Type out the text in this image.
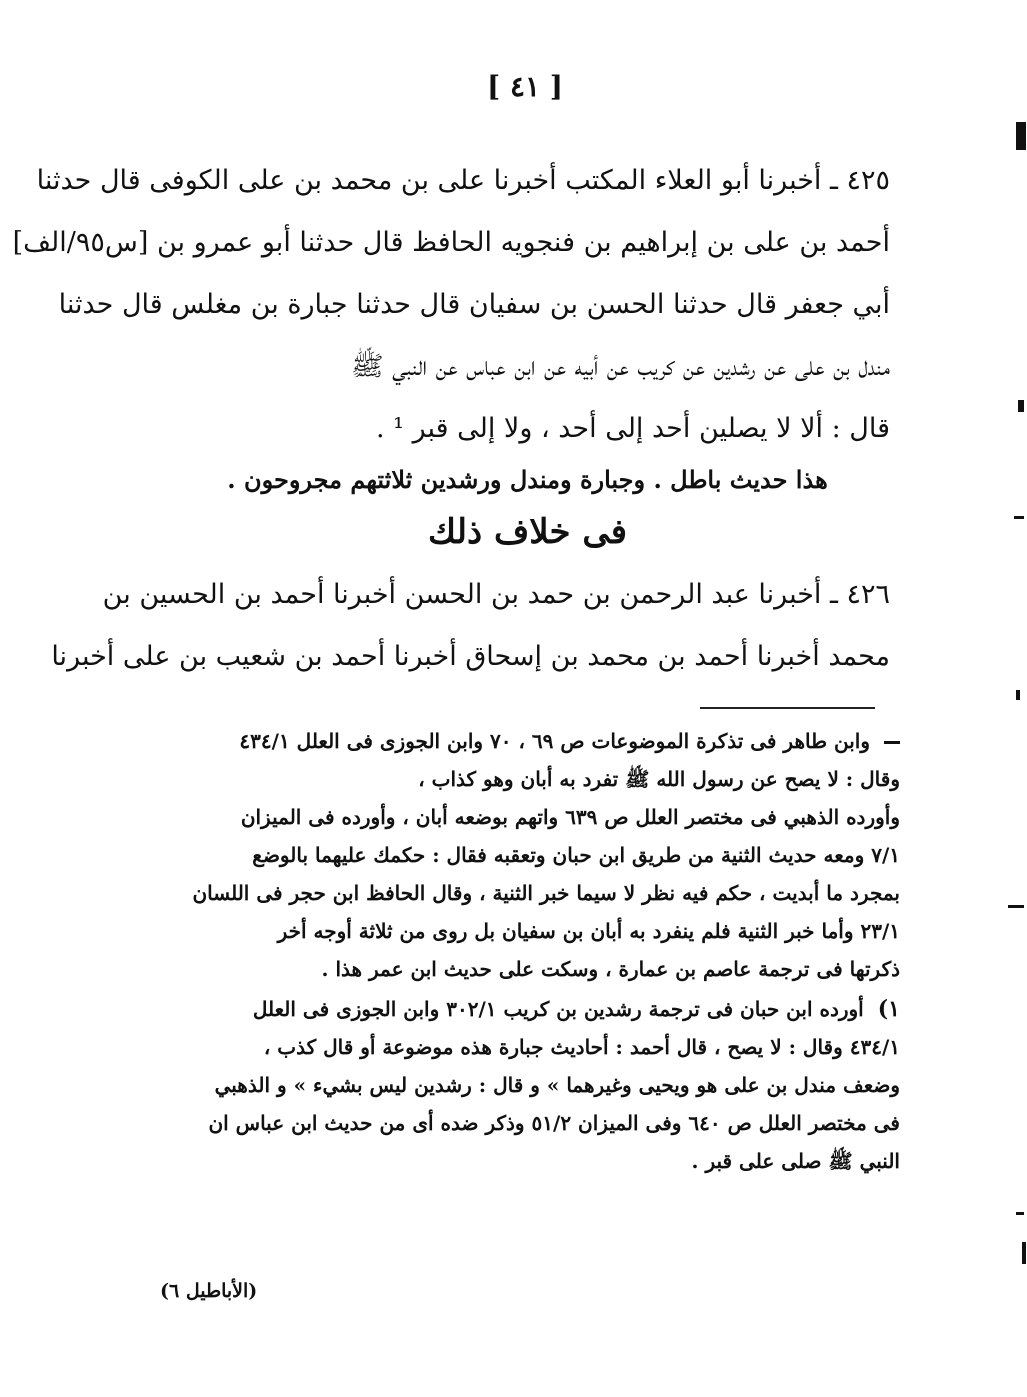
[ ٤١ ]
٤٢٥ ـ أخبرنا أبو العلاء المكتب أخبرنا على بن محمد بن على الكوفى قال حدثنا
أحمد بن على بن إبراهيم بن فنجويه الحافظ قال حدثنا أبو عمرو بن [س٩٥/الف]
أبي جعفر قال حدثنا الحسن بن سفيان قال حدثنا جبارة بن مغلس قال حدثنا
مندل بن على عن رشدين عن كريب عن أبيه عن ابن عباس عن النبي ﷺ
قال : ألا لا يصلين أحد إلى أحد ، ولا إلى قبر ¹ .
هذا حديث باطل . وجبارة ومندل ورشدين ثلاثتهم مجروحون .
فى خلاف ذلك
٤٢٦ ـ أخبرنا عبد الرحمن بن حمد بن الحسن أخبرنا أحمد بن الحسين بن
محمد أخبرنا أحمد بن محمد بن إسحاق أخبرنا أحمد بن شعيب بن على أخبرنا
وابن طاهر فى تذكرة الموضوعات ص ٦٩ ، ٧٠ وابن الجوزى فى العلل ٤٣٤/١
وقال : لا يصح عن رسول الله ﷺ تفرد به أبان وهو كذاب ،
وأورده الذهبي فى مختصر العلل ص ٦٣٩ واتهم بوضعه أبان ، وأورده فى الميزان
٧/١ ومعه حديث الثنية من طريق ابن حبان وتعقبه فقال : حكمك عليهما بالوضع
بمجرد ما أبديت ، حكم فيه نظر لا سيما خبر الثنية ، وقال الحافظ ابن حجر فى اللسان
٢٣/١ وأما خبر الثنية فلم ينفرد به أبان بن سفيان بل روى من ثلاثة أوجه أخر
ذكرتها فى ترجمة عاصم بن عمارة ، وسكت على حديث ابن عمر هذا .
١)أورده ابن حبان فى ترجمة رشدين بن كريب ٣٠٢/١ وابن الجوزى فى العلل
٤٣٤/١ وقال : لا يصح ، قال أحمد : أحاديث جبارة هذه موضوعة أو قال كذب ،
وضعف مندل بن على هو ويحيى وغيرهما » و قال : رشدين ليس بشيء » و الذهبي
فى مختصر العلل ص ٦٤٠ وفى الميزان ٥١/٢ وذكر ضده أى من حديث ابن عباس ان
النبي ﷺ صلى على قبر .
(الأباطيل ٦)
